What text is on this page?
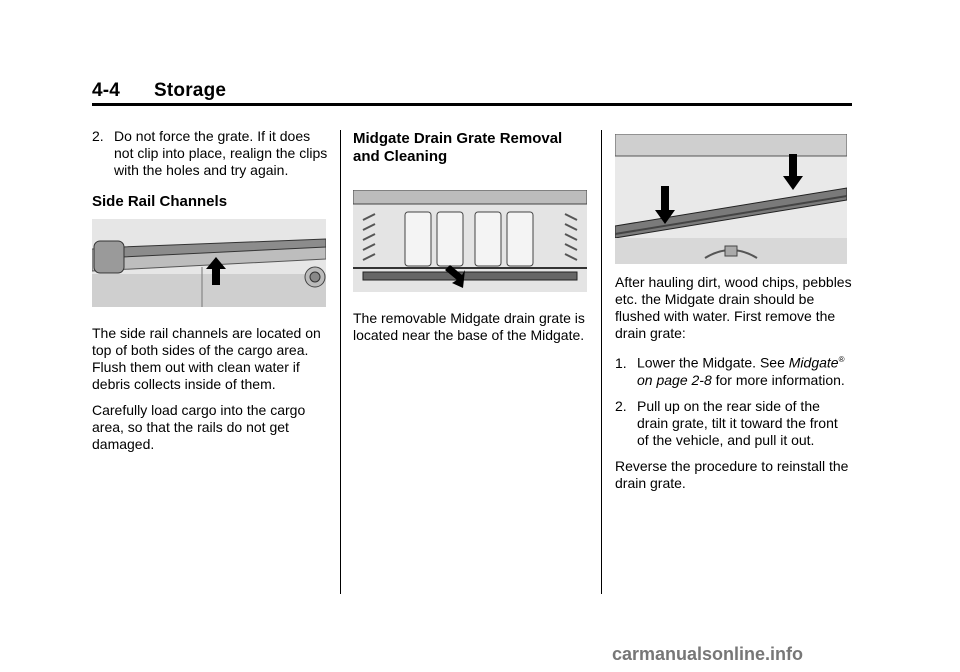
4-4 Storage

2. Do not force the grate. If it does not clip into place, realign the clips with the holes and try again.

Side Rail Channels

The side rail channels are located on top of both sides of the cargo area. Flush them out with clean water if debris collects inside of them.

Carefully load cargo into the cargo area, so that the rails do not get damaged.

Midgate Drain Grate Removal and Cleaning

The removable Midgate drain grate is located near the base of the Midgate.

After hauling dirt, wood chips, pebbles etc. the Midgate drain should be flushed with water. First remove the drain grate:

1. Lower the Midgate. See Midgate® on page 2-8 for more information.

2. Pull up on the rear side of the drain grate, tilt it toward the front of the vehicle, and pull it out.

Reverse the procedure to reinstall the drain grate.

carmanualsonline.info
